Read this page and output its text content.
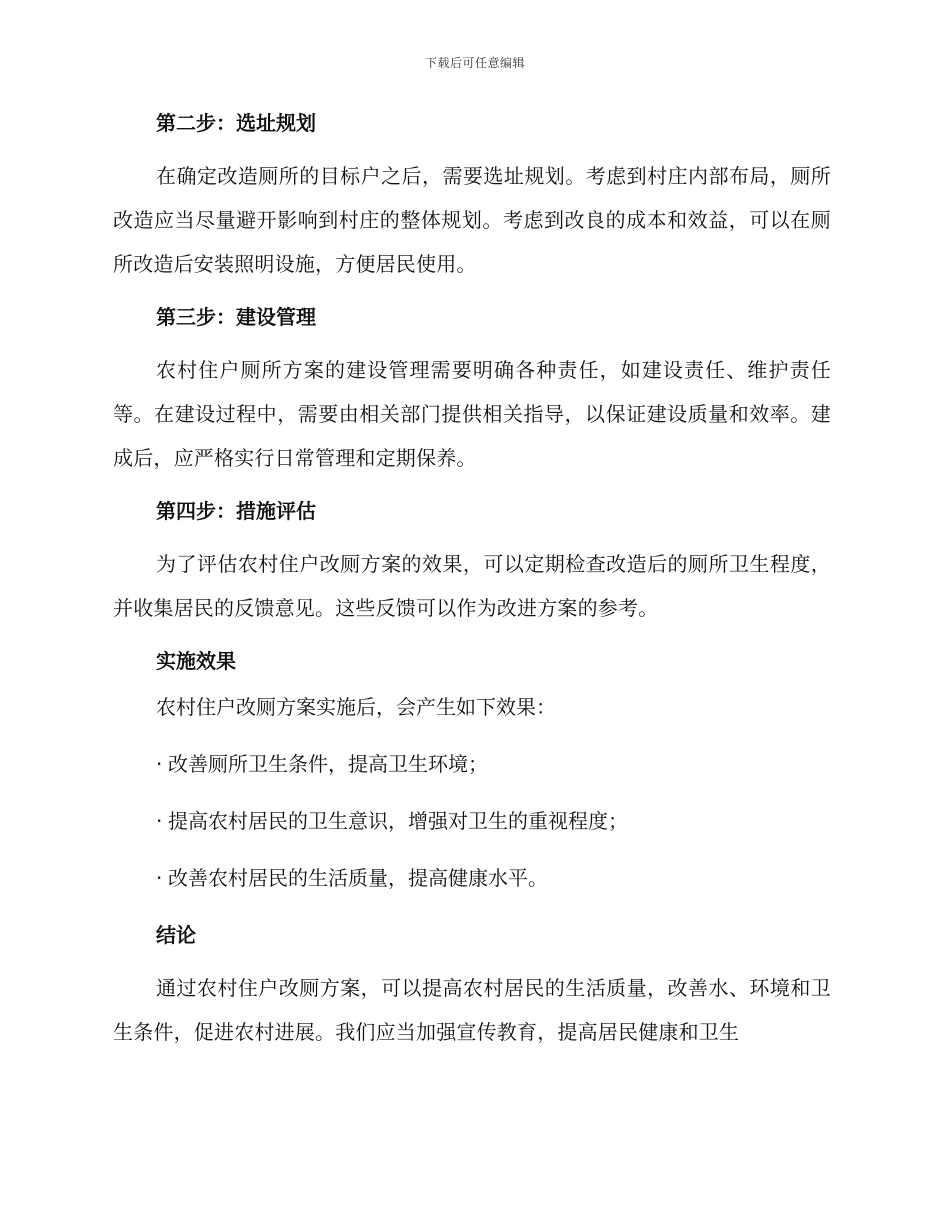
下载后可任意编辑
第二步：选址规划

在确定改造厕所的目标户之后，需要选址规划。考虑到村庄内部布局，厕所改造应当尽量避开影响到村庄的整体规划。考虑到改良的成本和效益，可以在厕所改造后安装照明设施，方便居民使用。

第三步：建设管理

农村住户厕所方案的建设管理需要明确各种责任，如建设责任、维护责任等。在建设过程中，需要由相关部门提供相关指导，以保证建设质量和效率。建成后，应严格实行日常管理和定期保养。

第四步：措施评估

为了评估农村住户改厕方案的效果，可以定期检查改造后的厕所卫生程度，并收集居民的反馈意见。这些反馈可以作为改进方案的参考。

实施效果

农村住户改厕方案实施后，会产生如下效果：

· 改善厕所卫生条件，提高卫生环境；

· 提高农村居民的卫生意识，增强对卫生的重视程度；

· 改善农村居民的生活质量，提高健康水平。

结论

通过农村住户改厕方案，可以提高农村居民的生活质量，改善水、环境和卫生条件，促进农村进展。我们应当加强宣传教育，提高居民健康和卫生
